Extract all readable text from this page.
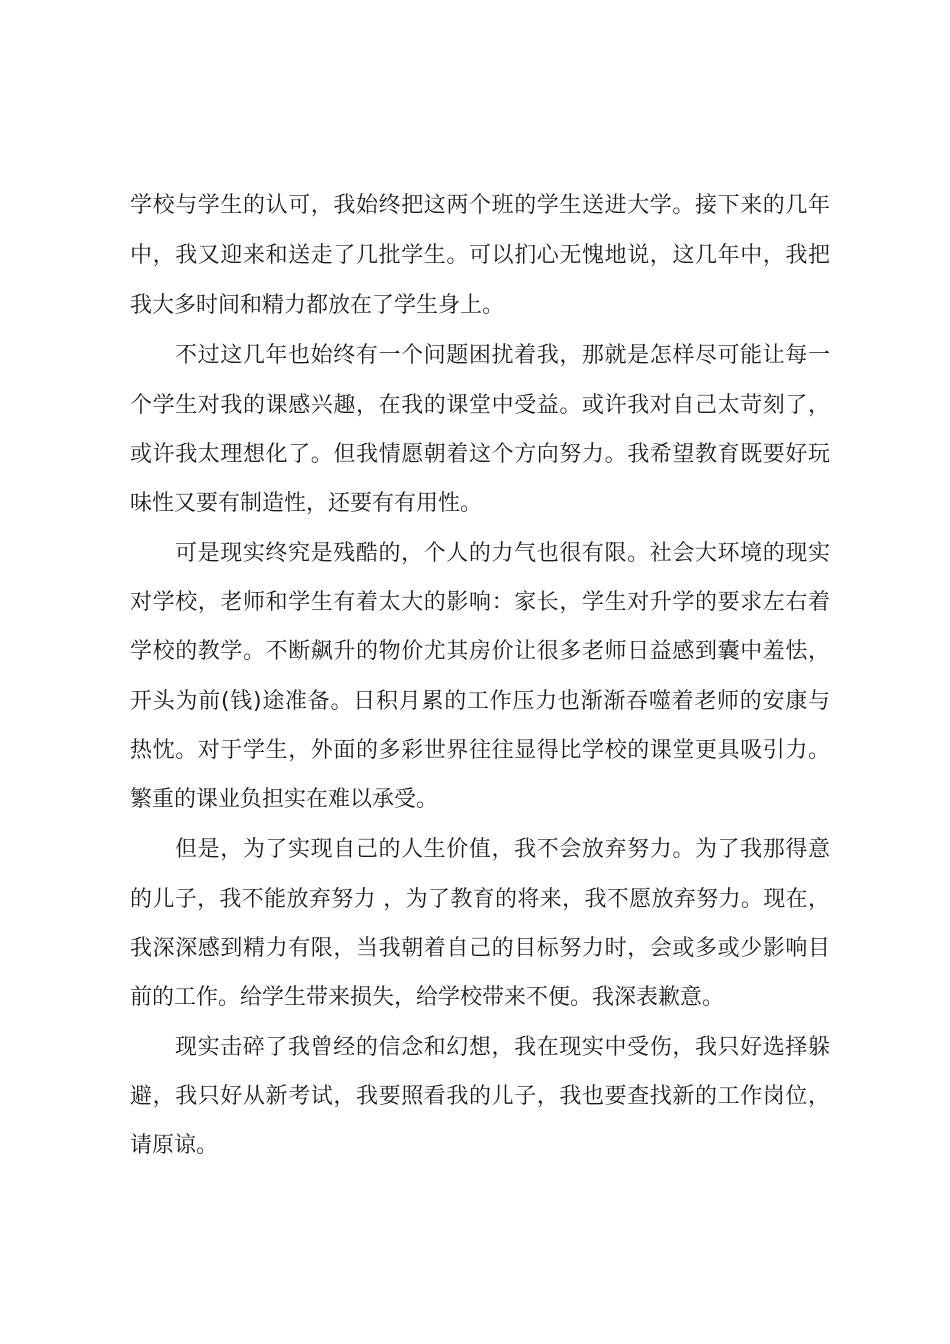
学校与学生的认可，我始终把这两个班的学生送进大学。接下来的几年
中，我又迎来和送走了几批学生。可以扪心无愧地说，这几年中，我把
我大多时间和精力都放在了学生身上。
不过这几年也始终有一个问题困扰着我，那就是怎样尽可能让每一
个学生对我的课感兴趣，在我的课堂中受益。或许我对自己太苛刻了，
或许我太理想化了。但我情愿朝着这个方向努力。我希望教育既要好玩
味性又要有制造性，还要有有用性。
可是现实终究是残酷的，个人的力气也很有限。社会大环境的现实
对学校，老师和学生有着太大的影响：家长，学生对升学的要求左右着
学校的教学。不断飙升的物价尤其房价让很多老师日益感到囊中羞怯，
开头为前(钱)途准备。日积月累的工作压力也渐渐吞噬着老师的安康与
热忱。对于学生，外面的多彩世界往往显得比学校的课堂更具吸引力。
繁重的课业负担实在难以承受。
但是，为了实现自己的人生价值，我不会放弃努力。为了我那得意
的儿子，我不能放弃努力 ，为了教育的将来，我不愿放弃努力。现在，
我深深感到精力有限，当我朝着自己的目标努力时，会或多或少影响目
前的工作。给学生带来损失，给学校带来不便。我深表歉意。
现实击碎了我曾经的信念和幻想，我在现实中受伤，我只好选择躲
避，我只好从新考试，我要照看我的儿子，我也要查找新的工作岗位，
请原谅。
